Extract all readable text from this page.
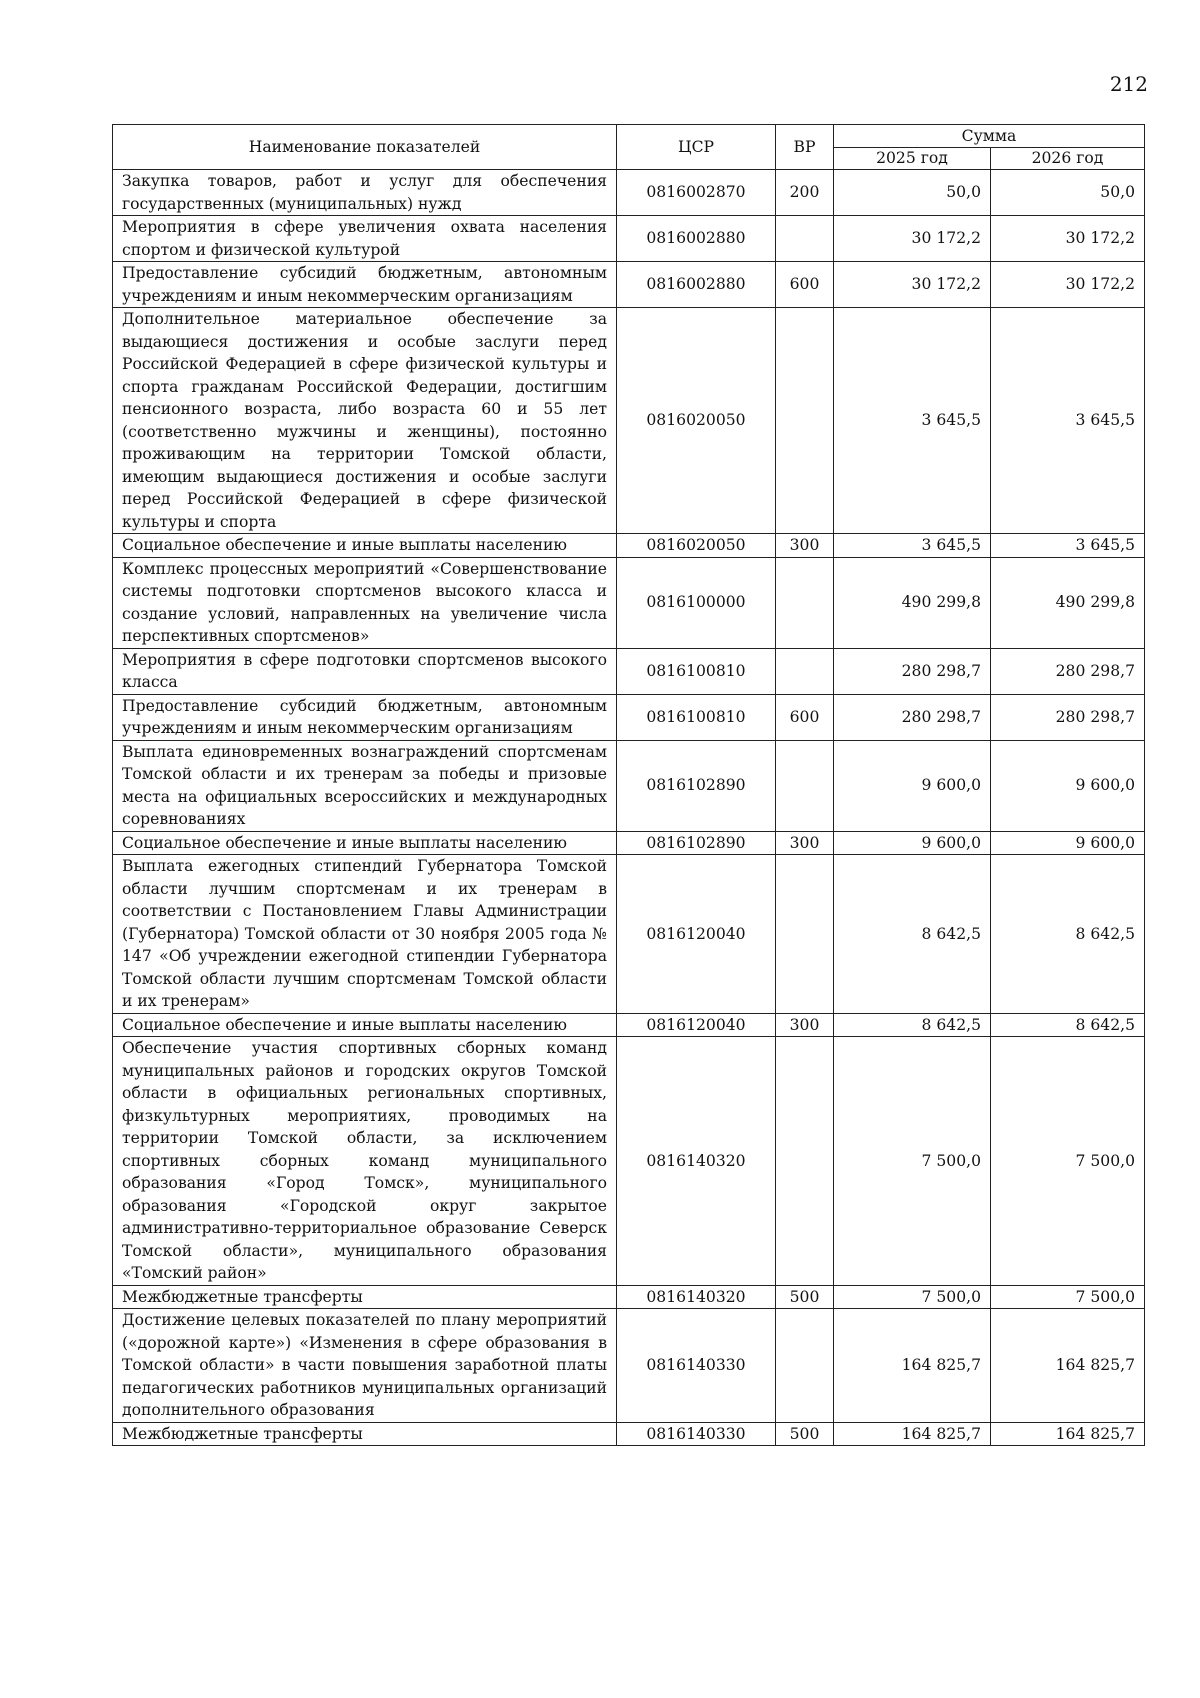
212
Наименование показателей	ЦСР	ВР	Сумма	
			2025 год	2026 год
Закупка товаров, работ и услуг для обеспечения государственных (муниципальных) нужд	0816002870	200	50,0	50,0
Мероприятия в сфере увеличения охвата населения спортом и физической культурой	0816002880		30 172,2	30 172,2
Предоставление субсидий бюджетным, автономным учреждениям и иным некоммерческим организациям	0816002880	600	30 172,2	30 172,2
Дополнительное материальное обеспечение за выдающиеся достижения и особые заслуги перед Российской Федерацией в сфере физической культуры и спорта гражданам Российской Федерации, достигшим пенсионного возраста, либо возраста 60 и 55 лет (соответственно мужчины и женщины), постоянно проживающим на территории Томской области, имеющим выдающиеся достижения и особые заслуги перед Российской Федерацией в сфере физической культуры и спорта	0816020050		3 645,5	3 645,5
Социальное обеспечение и иные выплаты населению	0816020050	300	3 645,5	3 645,5
Комплекс процессных мероприятий «Совершенствование системы подготовки спортсменов высокого класса и создание условий, направленных на увеличение числа перспективных спортсменов»	0816100000		490 299,8	490 299,8
Мероприятия в сфере подготовки спортсменов высокого класса	0816100810		280 298,7	280 298,7
Предоставление субсидий бюджетным, автономным учреждениям и иным некоммерческим организациям	0816100810	600	280 298,7	280 298,7
Выплата единовременных вознаграждений спортсменам Томской области и их тренерам за победы и призовые места на официальных всероссийских и международных соревнованиях	0816102890		9 600,0	9 600,0
Социальное обеспечение и иные выплаты населению	0816102890	300	9 600,0	9 600,0
Выплата ежегодных стипендий Губернатора Томской области лучшим спортсменам и их тренерам в соответствии с Постановлением Главы Администрации (Губернатора) Томской области от 30 ноября 2005 года № 147 «Об учреждении ежегодной стипендии Губернатора Томской области лучшим спортсменам Томской области и их тренерам»	0816120040		8 642,5	8 642,5
Социальное обеспечение и иные выплаты населению	0816120040	300	8 642,5	8 642,5
Обеспечение участия спортивных сборных команд муниципальных районов и городских округов Томской области в официальных региональных спортивных, физкультурных мероприятиях, проводимых на территории Томской области, за исключением спортивных сборных команд муниципального образования «Город Томск», муниципального образования «Городской округ закрытое административно-территориальное образование Северск Томской области», муниципального образования «Томский район»	0816140320		7 500,0	7 500,0
Межбюджетные трансферты	0816140320	500	7 500,0	7 500,0
Достижение целевых показателей по плану мероприятий («дорожной карте») «Изменения в сфере образования в Томской области» в части повышения заработной платы педагогических работников муниципальных организаций дополнительного образования	0816140330		164 825,7	164 825,7
Межбюджетные трансферты	0816140330	500	164 825,7	164 825,7
